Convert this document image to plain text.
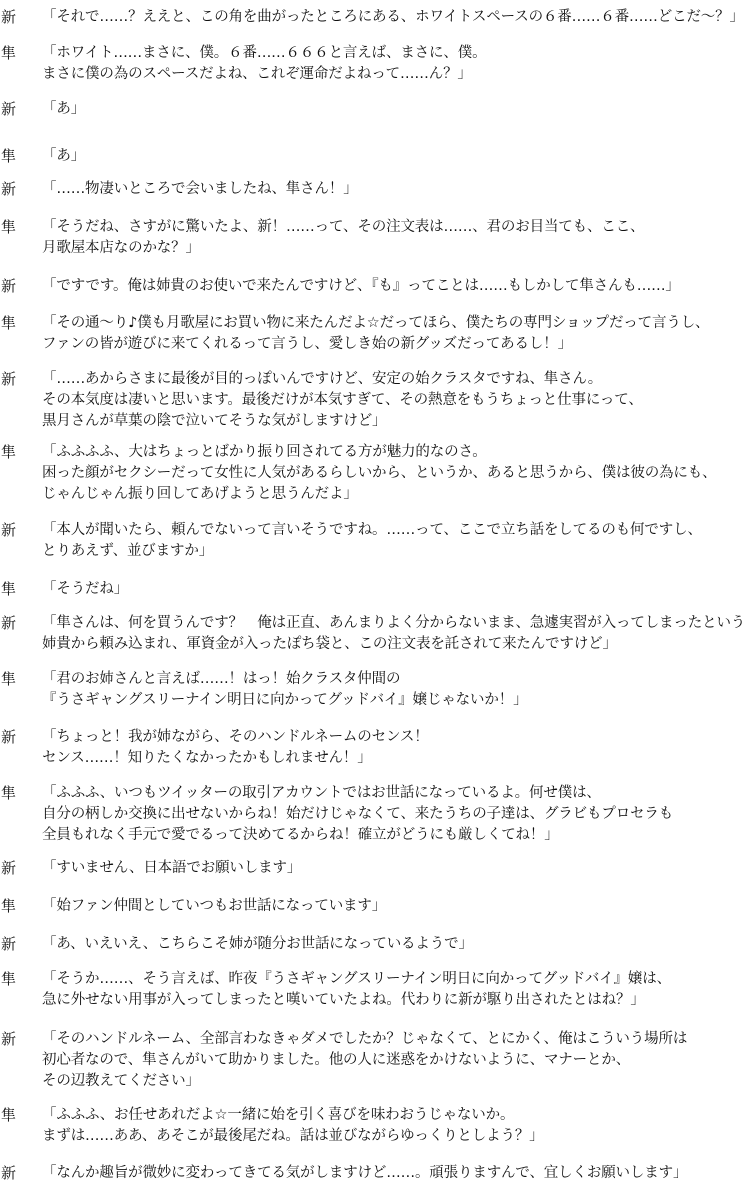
新 「それで……？ええと、この角を曲がったところにある、ホワイトスペースの６番……６番……どこだ～？」
隼 「ホワイト……まさに、僕。６番……６６６と言えば、まさに、僕。
まさに僕の為のスペースだよね、これぞ運命だよねって……ん？」
新 「あ」
隼 「あ」
新 「……物凄いところで会いましたね、隼さん！」
隼 「そうだね、さすがに驚いたよ、新！……って、その注文表は……、君のお目当ても、ここ、
月歌屋本店なのかな？」
新 「ですです。俺は姉貴のお使いで来たんですけど、『も』ってことは……もしかして隼さんも……」
隼 「その通～り♪僕も月歌屋にお買い物に来たんだよ☆だってほら、僕たちの専門ショップだって言うし、
ファンの皆が遊びに来てくれるって言うし、愛しき始の新グッズだってあるし！」
新 「……あからさまに最後が目的っぽいんですけど、安定の始クラスタですね、隼さん。
その本気度は凄いと思います。最後だけが本気すぎて、その熱意をもうちょっと仕事にって、
黒月さんが草葉の陰で泣いてそうな気がしますけど」
隼 「ふふふふ、大はちょっとばかり振り回されてる方が魅力的なのさ。
困った顔がセクシーだって女性に人気があるらしいから、というか、あると思うから、僕は彼の為にも、
じゃんじゃん振り回してあげようと思うんだよ」
新 「本人が聞いたら、頼んでないって言いそうですね。……って、ここで立ち話をしてるのも何ですし、
とりあえず、並びますか」
隼 「そうだね」
新 「隼さんは、何を買うんです？　俺は正直、あんまりよく分からないまま、急遽実習が入ってしまったという
姉貴から頼み込まれ、軍資金が入ったぽち袋と、この注文表を託されて来たんですけど」
隼 「君のお姉さんと言えば……！はっ！始クラスタ仲間の
『うさギャングスリーナイン明日に向かってグッドバイ』嬢じゃないか！」
新 「ちょっと！我が姉ながら、そのハンドルネームのセンス！
センス……！知りたくなかったかもしれません！」
隼 「ふふふ、いつもツイッターの取引アカウントではお世話になっているよ。何せ僕は、
自分の柄しか交換に出せないからね！始だけじゃなくて、来たうちの子達は、グラビもプロセラも
全員もれなく手元で愛でるって決めてるからね！確立がどうにも厳しくてね！」
新 「すいません、日本語でお願いします」
隼 「始ファン仲間としていつもお世話になっています」
新 「あ、いえいえ、こちらこそ姉が随分お世話になっているようで」
隼 「そうか……、そう言えば、昨夜『うさギャングスリーナイン明日に向かってグッドバイ』嬢は、
急に外せない用事が入ってしまったと嘆いていたよね。代わりに新が駆り出されたとはね？」
新 「そのハンドルネーム、全部言わなきゃダメでしたか？じゃなくて、とにかく、俺はこういう場所は
初心者なので、隼さんがいて助かりました。他の人に迷惑をかけないように、マナーとか、
その辺教えてください」
隼 「ふふふ、お任せあれだよ☆一緒に始を引く喜びを味わおうじゃないか。
まずは……ああ、あそこが最後尾だね。話は並びながらゆっくりとしよう？」
新 「なんか趣旨が微妙に変わってきてる気がしますけど……。頑張りますんで、宜しくお願いします」
